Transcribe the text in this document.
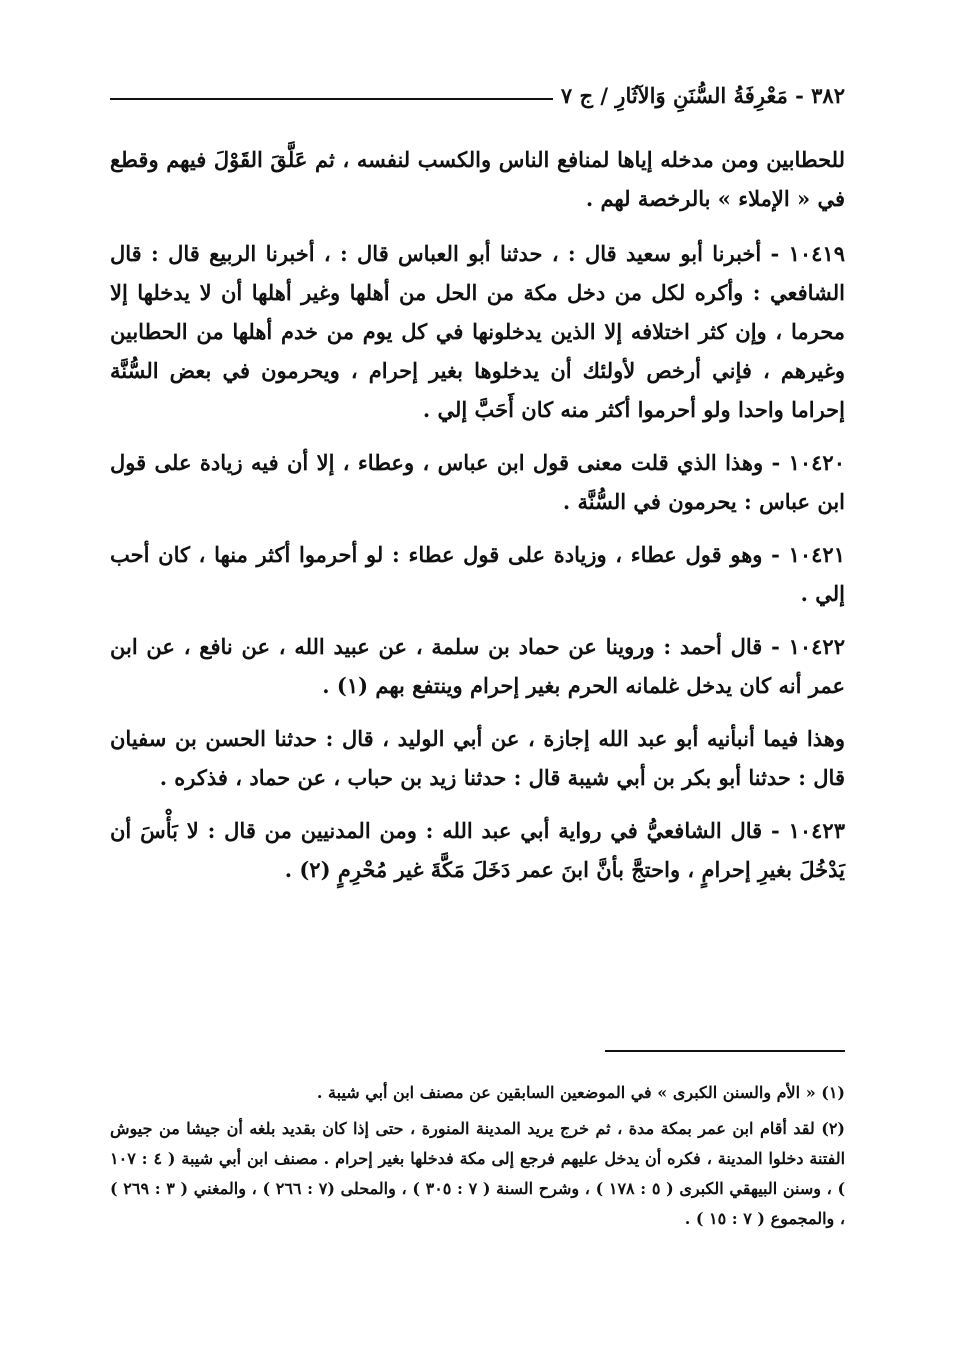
٣٨٢ - مَعْرِفَةُ السُّنَنِ وَالآثَارِ / ج ٧

للحطابين ومن مدخله إياها لمنافع الناس والكسب لنفسه ، ثم عَلَّقَ القَوْلَ فيهم وقطع في « الإملاء » بالرخصة لهم .

١٠٤١٩ - أخبرنا أبو سعيد قال : ، حدثنا أبو العباس قال : ، أخبرنا الربيع قال : قال الشافعي : وأكره لكل من دخل مكة من الحل من أهلها وغير أهلها أن لا يدخلها إلا محرما ، وإن كثر اختلافه إلا الذين يدخلونها في كل يوم من خدم أهلها من الحطابين وغيرهم ، فإني أرخص لأولئك أن يدخلوها بغير إحرام ، ويحرمون في بعض السُّنَّة إحراما واحدا ولو أحرموا أكثر منه كان أَحَبَّ إلي .

١٠٤٢٠ - وهذا الذي قلت معنى قول ابن عباس ، وعطاء ، إلا أن فيه زيادة على قول ابن عباس : يحرمون في السُّنَّة .

١٠٤٢١ - وهو قول عطاء ، وزيادة على قول عطاء : لو أحرموا أكثر منها ، كان أحب إلي .

١٠٤٢٢ - قال أحمد : وروينا عن حماد بن سلمة ، عن عبيد الله ، عن نافع ، عن ابن عمر أنه كان يدخل غلمانه الحرم بغير إحرام وينتفع بهم (١) .

وهذا فيما أنبأنيه أبو عبد الله إجازة ، عن أبي الوليد ، قال : حدثنا الحسن بن سفيان قال : حدثنا أبو بكر بن أبي شيبة قال : حدثنا زيد بن حباب ، عن حماد ، فذكره .

١٠٤٢٣ - قال الشافعيُّ في رواية أبي عبد الله : ومن المدنيين من قال : لا بَأْسَ أن يَدْخُلَ بغيرِ إحرامٍ ، واحتجَّ بأنَّ ابنَ عمر دَخَلَ مَكَّةَ غير مُحْرِمٍ (٢) .

(١) « الأم والسنن الكبرى » في الموضعين السابقين عن مصنف ابن أبي شيبة .

(٢) لقد أقام ابن عمر بمكة مدة ، ثم خرج يريد المدينة المنورة ، حتى إذا كان بقديد بلغه أن جيشا من جيوش الفتنة دخلوا المدينة ، فكره أن يدخل عليهم فرجع إلى مكة فدخلها بغير إحرام . مصنف ابن أبي شيبة ( ٤ : ١٠٧ ) ، وسنن البيهقي الكبرى ( ٥ : ١٧٨ ) ، وشرح السنة ( ٧ : ٣٠٥ ) ، والمحلى (٧ : ٢٦٦ ) ، والمغني ( ٣ : ٢٦٩ ) ، والمجموع ( ٧ : ١٥ ) .
